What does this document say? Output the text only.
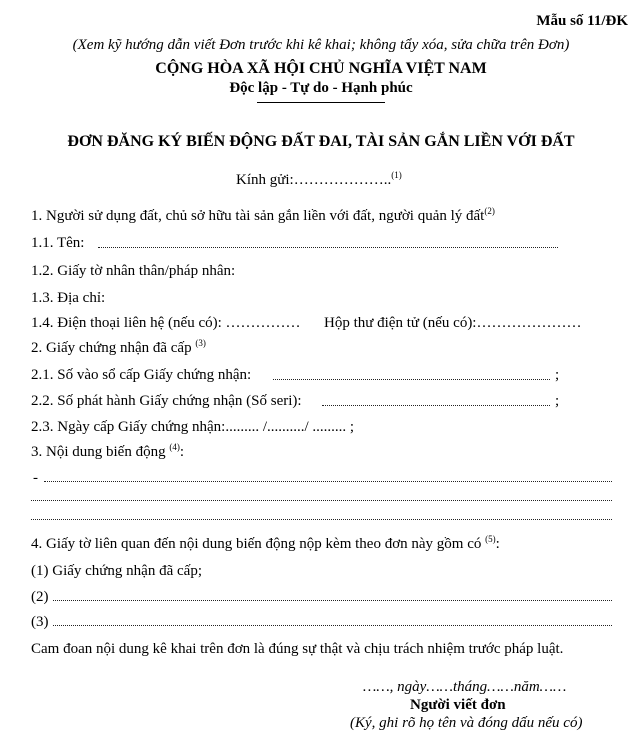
Mẫu số 11/ĐK
(Xem kỹ hướng dẫn viết Đơn trước khi kê khai; không tẩy xóa, sửa chữa trên Đơn)
CỘNG HÒA XÃ HỘI CHỦ NGHĨA VIỆT NAM
Độc lập - Tự do - Hạnh phúc
ĐƠN ĐĂNG KÝ BIẾN ĐỘNG ĐẤT ĐAI, TÀI SẢN GẮN LIỀN VỚI ĐẤT
Kính gửi:………………..$^{(1)}$
1. Người sử dụng đất, chủ sở hữu tài sản gắn liền với đất, người quản lý đất$^{(2)}$
1.1. Tên:
1.2. Giấy tờ nhân thân/pháp nhân:
1.3. Địa chỉ:
1.4. Điện thoại liên hệ (nếu có): …………… Hộp thư điện tử (nếu có):…………………
2. Giấy chứng nhận đã cấp $^{(3)}$
2.1. Số vào sổ cấp Giấy chứng nhận:	;
2.2. Số phát hành Giấy chứng nhận (Số seri):	;
2.3. Ngày cấp Giấy chứng nhận:......... /........../ ......... ;
3. Nội dung biến động $^{(4)}$:
-
4. Giấy tờ liên quan đến nội dung biến động nộp kèm theo đơn này gồm có $^{(5)}$:
(1) Giấy chứng nhận đã cấp;
(2)
(3)
Cam đoan nội dung kê khai trên đơn là đúng sự thật và chịu trách nhiệm trước pháp luật.
……, ngày……tháng……năm……
Người viết đơn
(Ký, ghi rõ họ tên và đóng dấu nếu có)
